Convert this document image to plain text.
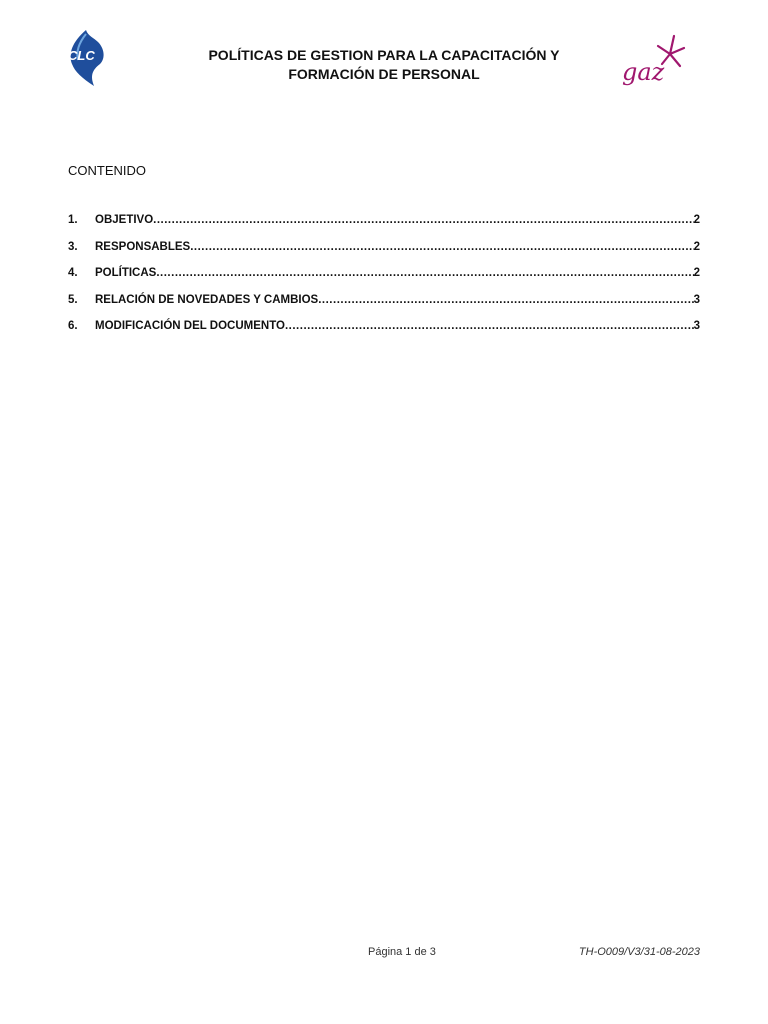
CLC	POLÍTICAS DE GESTION PARA LA CAPACITACIÓN Y
FORMACIÓN DE PERSONAL	gaz
CONTENIDO
1.	OBJETIVO .....	2
3.	RESPONSABLES .....	2
4.	POLÍTICAS .....	2
5.	RELACIÓN DE NOVEDADES Y CAMBIOS .....	3
6.	MODIFICACIÓN DEL DOCUMENTO .....	3
Página 1 de 3	TH-O009/V3/31-08-2023
